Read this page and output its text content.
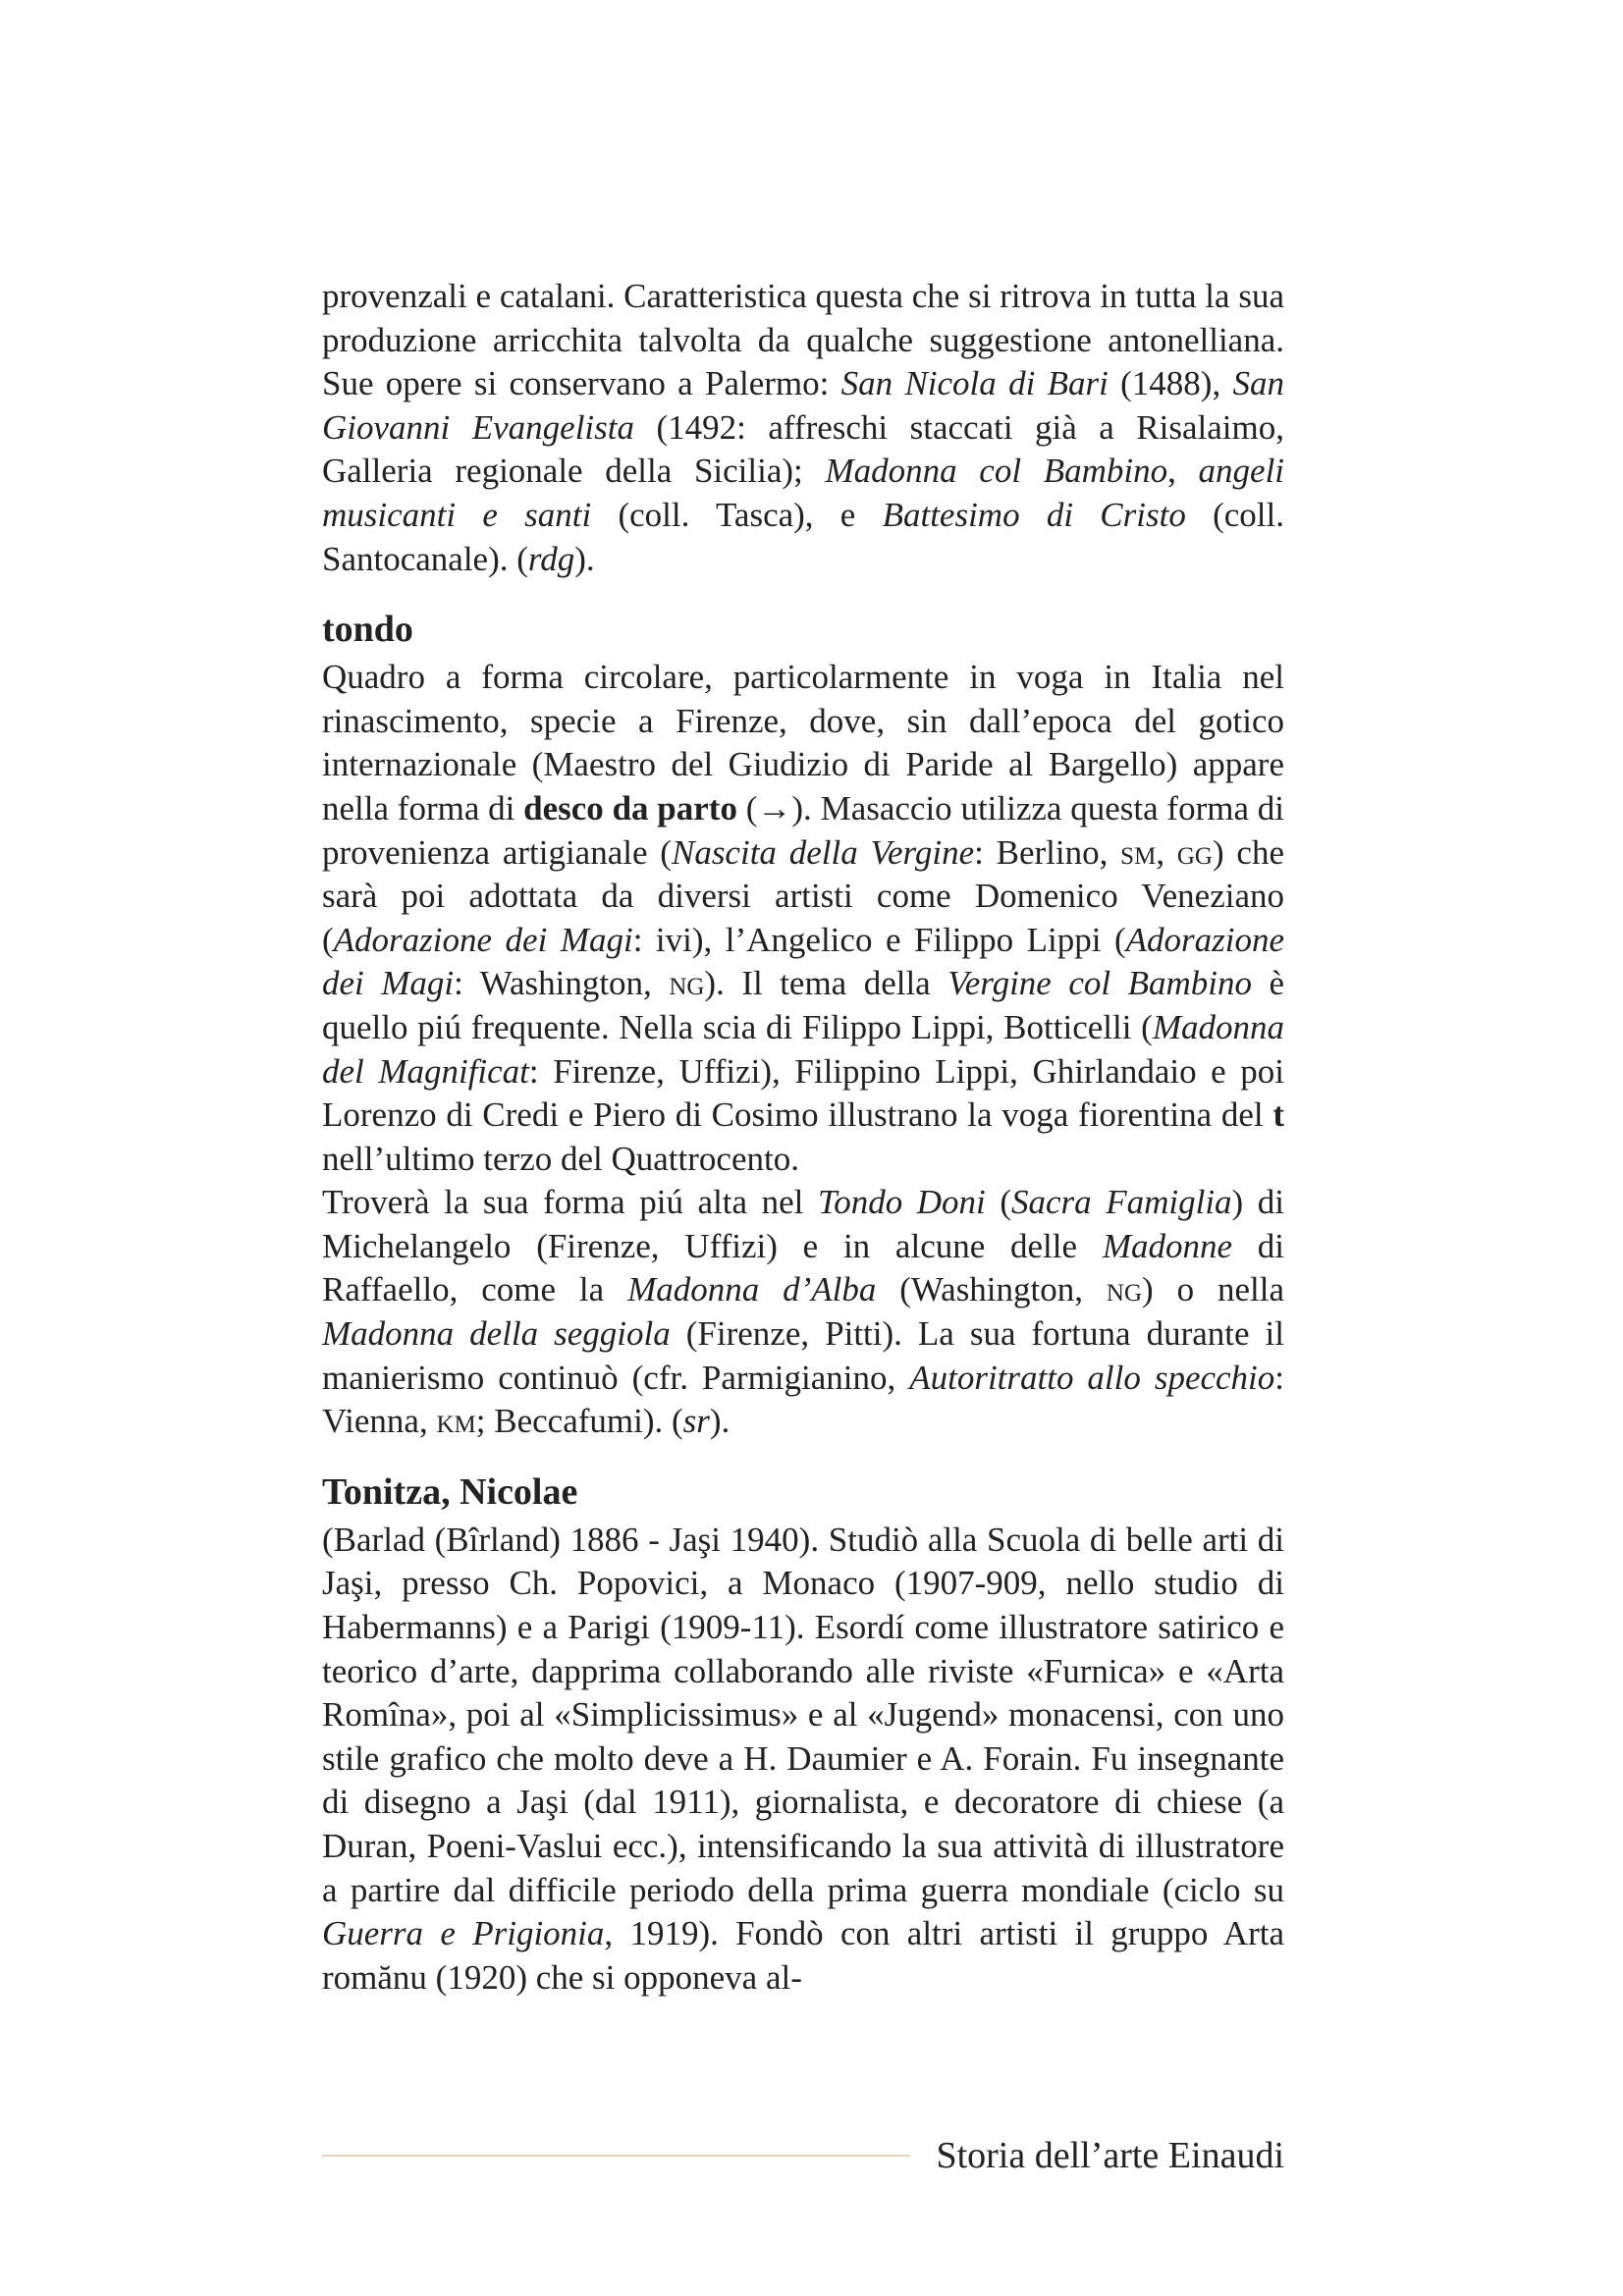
provenzali e catalani. Caratteristica questa che si ritrova in tutta la sua produzione arricchita talvolta da qualche suggestione antonelliana. Sue opere si conservano a Palermo: San Nicola di Bari (1488), San Giovanni Evangelista (1492: affreschi staccati già a Risalaimo, Galleria regionale della Sicilia); Madonna col Bambino, angeli musicanti e santi (coll. Tasca), e Battesimo di Cristo (coll. Santocanale). (rdg).

tondo

Quadro a forma circolare, particolarmente in voga in Italia nel rinascimento, specie a Firenze, dove, sin dall’epoca del gotico internazionale (Maestro del Giudizio di Paride al Bargello) appare nella forma di desco da parto (→). Masaccio utilizza questa forma di provenienza artigianale (Nascita della Vergine: Berlino, sm, gg) che sarà poi adottata da diversi artisti come Domenico Veneziano (Adorazione dei Magi: ivi), l’Angelico e Filippo Lippi (Adorazione dei Magi: Washington, ng). Il tema della Vergine col Bambino è quello piú frequente. Nella scia di Filippo Lippi, Botticelli (Madonna del Magnificat: Firenze, Uffizi), Filippino Lippi, Ghirlandaio e poi Lorenzo di Credi e Piero di Cosimo illustrano la voga fiorentina del t nell’ultimo terzo del Quattrocento.

Troverà la sua forma piú alta nel Tondo Doni (Sacra Famiglia) di Michelangelo (Firenze, Uffizi) e in alcune delle Madonne di Raffaello, come la Madonna d’Alba (Washington, ng) o nella Madonna della seggiola (Firenze, Pitti). La sua fortuna durante il manierismo continuò (cfr. Parmigianino, Autoritratto allo specchio: Vienna, km; Beccafumi). (sr).

Tonitza, Nicolae

(Barlad (Bîrland) 1886 - Jaşi 1940). Studiò alla Scuola di belle arti di Jaşi, presso Ch. Popovici, a Monaco (1907-909, nello studio di Habermanns) e a Parigi (1909-11). Esordí come illustratore satirico e teorico d’arte, dapprima collaborando alle riviste «Furnica» e «Arta Romîna», poi al «Simplicissimus» e al «Jugend» monacensi, con uno stile grafico che molto deve a H. Daumier e A. Forain. Fu insegnante di disegno a Jaşi (dal 1911), giornalista, e decoratore di chiese (a Duran, Poeni-Vaslui ecc.), intensificando la sua attività di illustratore a partire dal difficile periodo della prima guerra mondiale (ciclo su Guerra e Prigionia, 1919). Fondò con altri artisti il gruppo Arta romănu (1920) che si opponeva al-

Storia dell’arte Einaudi
